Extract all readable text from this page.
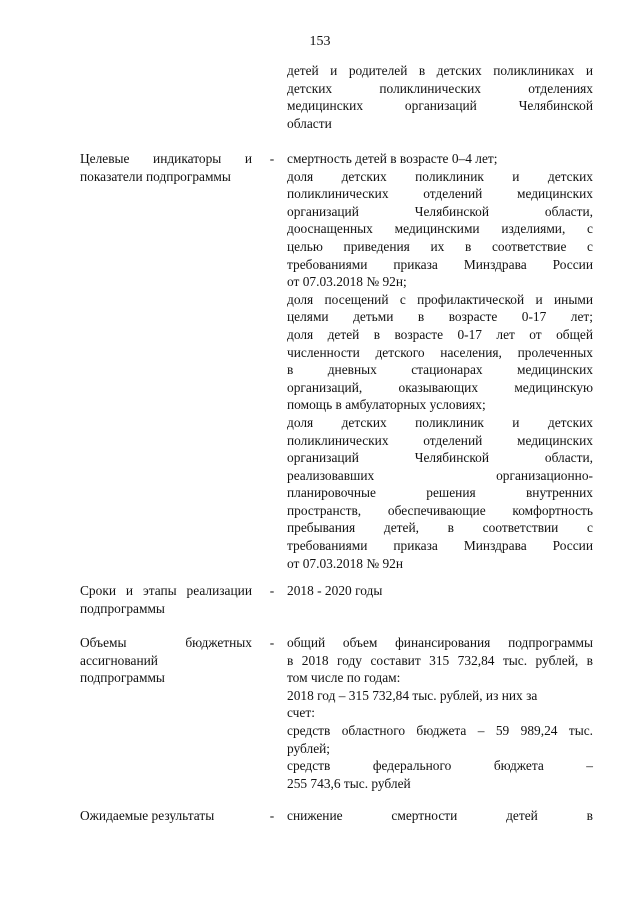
153
детей и родителей в детских поликлиниках и
детских поликлинических отделениях
медицинских организаций Челябинской
области
Целевые индикаторы и
показатели подпрограммы
- смертность детей в возрасте 0–4 лет;
доля детских поликлиник и детских
поликлинических отделений медицинских
организаций Челябинской области,
дооснащенных медицинскими изделиями, с
целью приведения их в соответствие с
требованиями приказа Минздрава России
от 07.03.2018 № 92н;
доля посещений с профилактической и иными
целями детьми в возрасте 0-17 лет;
доля детей в возрасте 0-17 лет от общей
численности детского населения, пролеченных
в дневных стационарах медицинских
организаций, оказывающих медицинскую
помощь в амбулаторных условиях;
доля детских поликлиник и детских
поликлинических отделений медицинских
организаций Челябинской области,
реализовавших организационно-
планировочные решения внутренних
пространств, обеспечивающие комфортность
пребывания детей, в соответствии с
требованиями приказа Минздрава России
от 07.03.2018 № 92н
Сроки и этапы реализации
подпрограммы
- 2018 - 2020 годы
Объемы бюджетных
ассигнований
подпрограммы
- общий объем финансирования подпрограммы
в 2018 году составит 315 732,84 тыс. рублей, в
том числе по годам:
2018 год – 315 732,84 тыс. рублей, из них за
счет:
средств областного бюджета – 59 989,24 тыс.
рублей;
средств федерального бюджета –
255 743,6 тыс. рублей
Ожидаемые результаты	- снижение смертности детей в
